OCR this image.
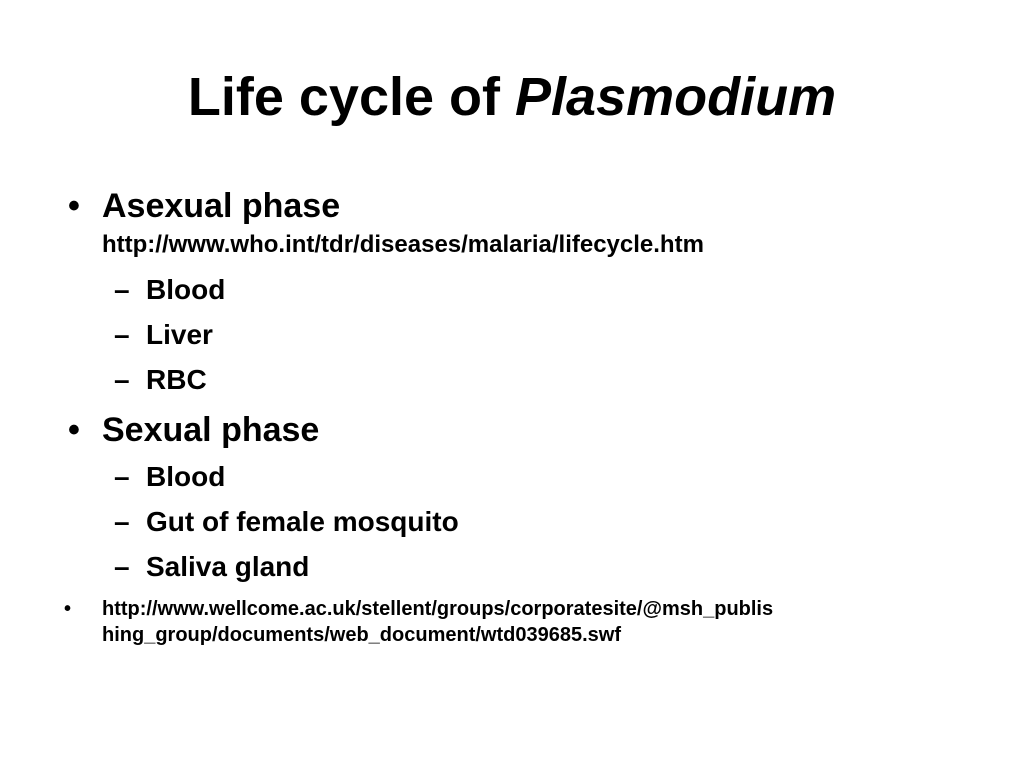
Life cycle of Plasmodium
• Asexual phase
http://www.who.int/tdr/diseases/malaria/lifecycle.htm
– Blood
– Liver
– RBC
• Sexual phase
– Blood
– Gut of female mosquito
– Saliva gland
• http://www.wellcome.ac.uk/stellent/groups/corporatesite/@msh_publis
hing_group/documents/web_document/wtd039685.swf
